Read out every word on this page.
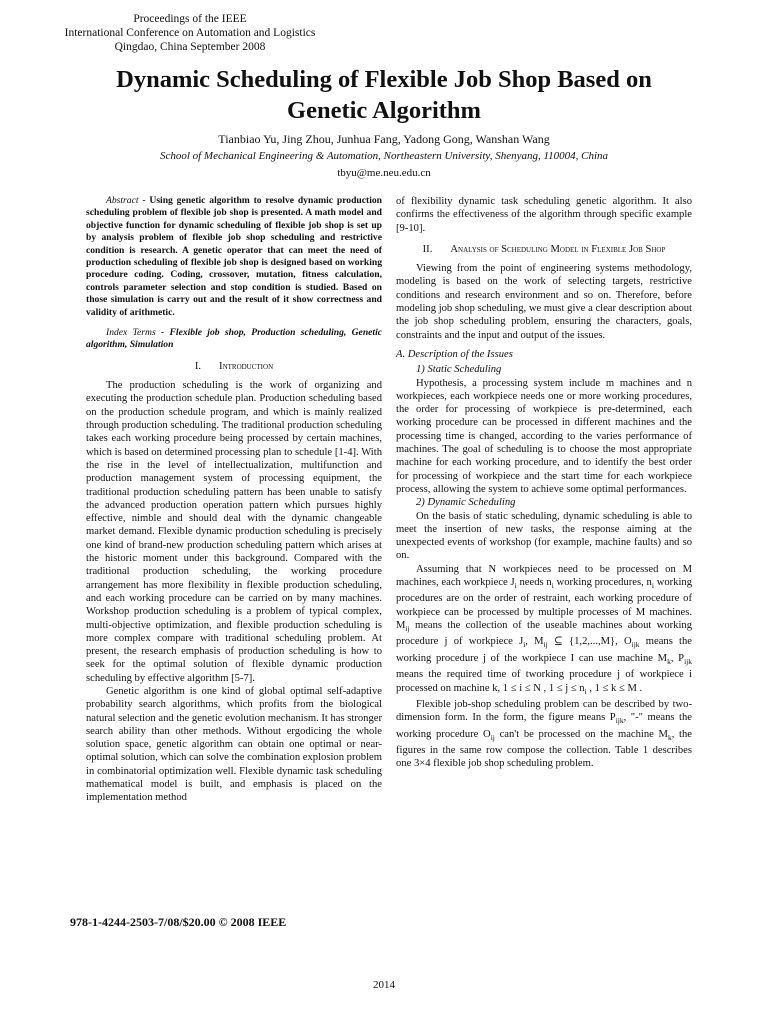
Proceedings of the IEEE
International Conference on Automation and Logistics
Qingdao, China September 2008
Dynamic Scheduling of Flexible Job Shop Based on
Genetic Algorithm
Tianbiao Yu, Jing Zhou, Junhua Fang, Yadong Gong, Wanshan Wang
School of Mechanical Engineering & Automation, Northeastern University, Shenyang, 110004, China
tbyu@me.neu.edu.cn

Abstract - Using genetic algorithm to resolve dynamic production scheduling problem of flexible job shop is presented. A math model and objective function for dynamic scheduling of flexible job shop is set up by analysis problem of flexible job shop scheduling and restrictive condition is research. A genetic operator that can meet the need of production scheduling of flexible job shop is designed based on working procedure coding. Coding, crossover, mutation, fitness calculation, controls parameter selection and stop condition is studied. Based on those simulation is carry out and the result of it show correctness and validity of arithmetic.

Index Terms - Flexible job shop, Production scheduling, Genetic algorithm, Simulation

I. Introduction

The production scheduling is the work of organizing and executing the production schedule plan. Production scheduling based on the production schedule program, and which is mainly realized through production scheduling. The traditional production scheduling takes each working procedure being processed by certain machines, which is based on determined processing plan to schedule [1-4]. With the rise in the level of intellectualization, multifunction and production management system of processing equipment, the traditional production scheduling pattern has been unable to satisfy the advanced production operation pattern which pursues highly effective, nimble and should deal with the dynamic changeable market demand. Flexible dynamic production scheduling is precisely one kind of brand-new production scheduling pattern which arises at the historic moment under this background. Compared with the traditional production scheduling, the working procedure arrangement has more flexibility in flexible production scheduling, and each working procedure can be carried on by many machines. Workshop production scheduling is a problem of typical complex, multi-objective optimization, and flexible production scheduling is more complex compare with traditional scheduling problem. At present, the research emphasis of production scheduling is how to seek for the optimal solution of flexible dynamic production scheduling by effective algorithm [5-7].

Genetic algorithm is one kind of global optimal self-adaptive probability search algorithms, which profits from the biological natural selection and the genetic evolution mechanism. It has stronger search ability than other methods. Without ergodicing the whole solution space, genetic algorithm can obtain one optimal or near-optimal solution, which can solve the combination explosion problem in combinatorial optimization well. Flexible dynamic task scheduling mathematical model is built, and emphasis is placed on the implementation method

of flexibility dynamic task scheduling genetic algorithm. It also confirms the effectiveness of the algorithm through specific example [9-10].

II. Analysis of Scheduling Model in Flexible Job Shop

Viewing from the point of engineering systems methodology, modeling is based on the work of selecting targets, restrictive conditions and research environment and so on. Therefore, before modeling job shop scheduling, we must give a clear description about the job shop scheduling problem, ensuring the characters, goals, constraints and the input and output of the issues.

A. Description of the Issues
1) Static Scheduling

Hypothesis, a processing system include m machines and n workpieces, each workpiece needs one or more working procedures, the order for processing of workpiece is pre-determined, each working procedure can be processed in different machines and the processing time is changed, according to the varies performance of machines. The goal of scheduling is to choose the most appropriate machine for each working procedure, and to identify the best order for processing of workpiece and the start time for each workpiece process, allowing the system to achieve some optimal performances.

2) Dynamic Scheduling

On the basis of static scheduling, dynamic scheduling is able to meet the insertion of new tasks, the response aiming at the unexpected events of workshop (for example, machine faults) and so on.

Assuming that N workpieces need to be processed on M machines, each workpiece $J_i$ needs $n_i$ working procedures, $n_i$ working procedures are on the order of restraint, each working procedure of workpiece can be processed by multiple processes of M machines. $M_{ij}$ means the collection of the useable machines about working procedure j of workpiece $J_i$, $M_{ij}$ ⊆ {1,2,...,M}, $O_{ijk}$ means the working procedure j of the workpiece I can use machine $M_k$, $P_{ijk}$ means the required time of tworking procedure j of workpiece i processed on machine k, 1 ≤ i ≤ N , $1 \le j \le n_i$ , 1 ≤ k ≤ M .

Flexible job-shop scheduling problem can be described by two-dimension form. In the form, the figure means $P_{ijk}$, "-" means the working procedure $O_{ij}$ can't be processed on the machine $M_k$, the figures in the same row compose the collection. Table 1 describes one 3×4 flexible job shop scheduling problem.

978-1-4244-2503-7/08/$20.00 © 2008 IEEE
2014
